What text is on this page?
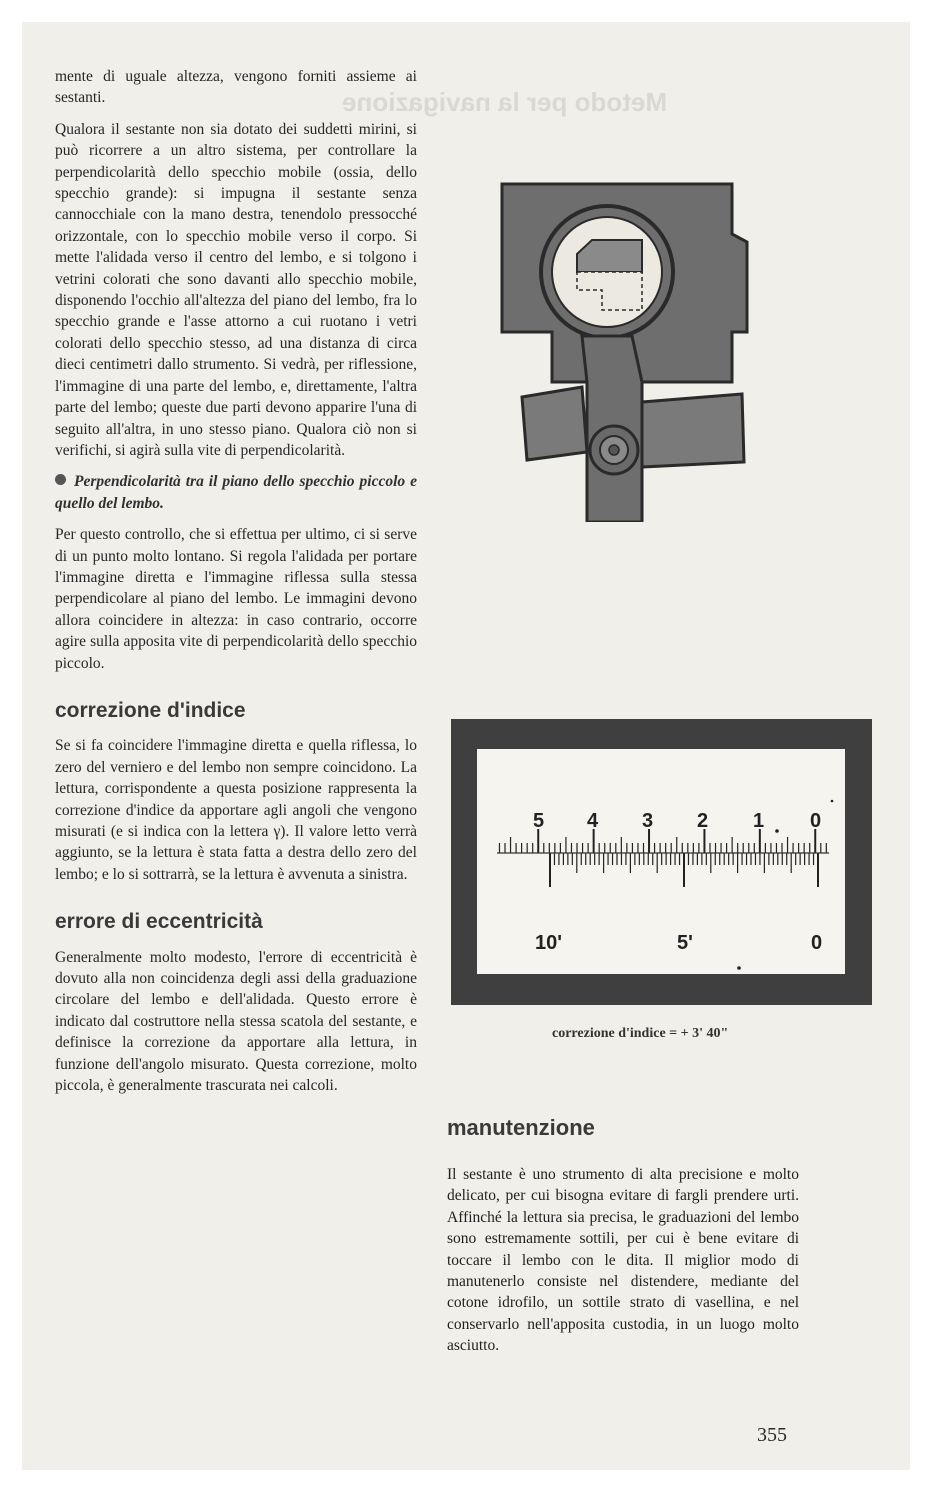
mente di uguale altezza, vengono forniti assieme ai sestanti.

Qualora il sestante non sia dotato dei suddetti mirini, si può ricorrere a un altro sistema, per controllare la perpendicolarità dello specchio mobile (ossia, dello specchio grande): si impugna il sestante senza cannocchiale con la mano destra, tenendolo pressocché orizzontale, con lo specchio mobile verso il corpo. Si mette l'alidada verso il centro del lembo, e si tolgono i vetrini colorati che sono davanti allo specchio mobile, disponendo l'occhio all'altezza del piano del lembo, fra lo specchio grande e l'asse attorno a cui ruotano i vetri colorati dello specchio stesso, ad una distanza di circa dieci centimetri dallo strumento. Si vedrà, per riflessione, l'immagine di una parte del lembo, e, direttamente, l'altra parte del lembo; queste due parti devono apparire l'una di seguito all'altra, in uno stesso piano. Qualora ciò non si verifichi, si agirà sulla vite di perpendicolarità.

Perpendicolarità tra il piano dello specchio piccolo e quello del lembo.

Per questo controllo, che si effettua per ultimo, ci si serve di un punto molto lontano. Si regola l'alidada per portare l'immagine diretta e l'immagine riflessa sulla stessa perpendicolare al piano del lembo. Le immagini devono allora coincidere in altezza: in caso contrario, occorre agire sulla apposita vite di perpendicolarità dello specchio piccolo.

correzione d'indice

Se si fa coincidere l'immagine diretta e quella riflessa, lo zero del verniero e del lembo non sempre coincidono. La lettura, corrispondente a questa posizione rappresenta la correzione d'indice da apportare agli angoli che vengono misurati (e si indica con la lettera γ). Il valore letto verrà aggiunto, se la lettura è stata fatta a destra dello zero del lembo; e lo si sottrarrà, se la lettura è avvenuta a sinistra.

errore di eccentricità

Generalmente molto modesto, l'errore di eccentricità è dovuto alla non coincidenza degli assi della graduazione circolare del lembo e dell'alidada. Questo errore è indicato dal costruttore nella stessa scatola del sestante, e definisce la correzione da apportare alla lettura, in funzione dell'angolo misurato. Questa correzione, molto piccola, è generalmente trascurata nei calcoli.

Metodo per la navigazione
5 4 3 2 1 0
10'	5'	0
correzione d'indice = + 3' 40"
manutenzione

Il sestante è uno strumento di alta precisione e molto delicato, per cui bisogna evitare di fargli prendere urti. Affinché la lettura sia precisa, le graduazioni del lembo sono estremamente sottili, per cui è bene evitare di toccare il lembo con le dita. Il miglior modo di manutenerlo consiste nel distendere, mediante del cotone idrofilo, un sottile strato di vasellina, e nel conservarlo nell'apposita custodia, in un luogo molto asciutto.

355
